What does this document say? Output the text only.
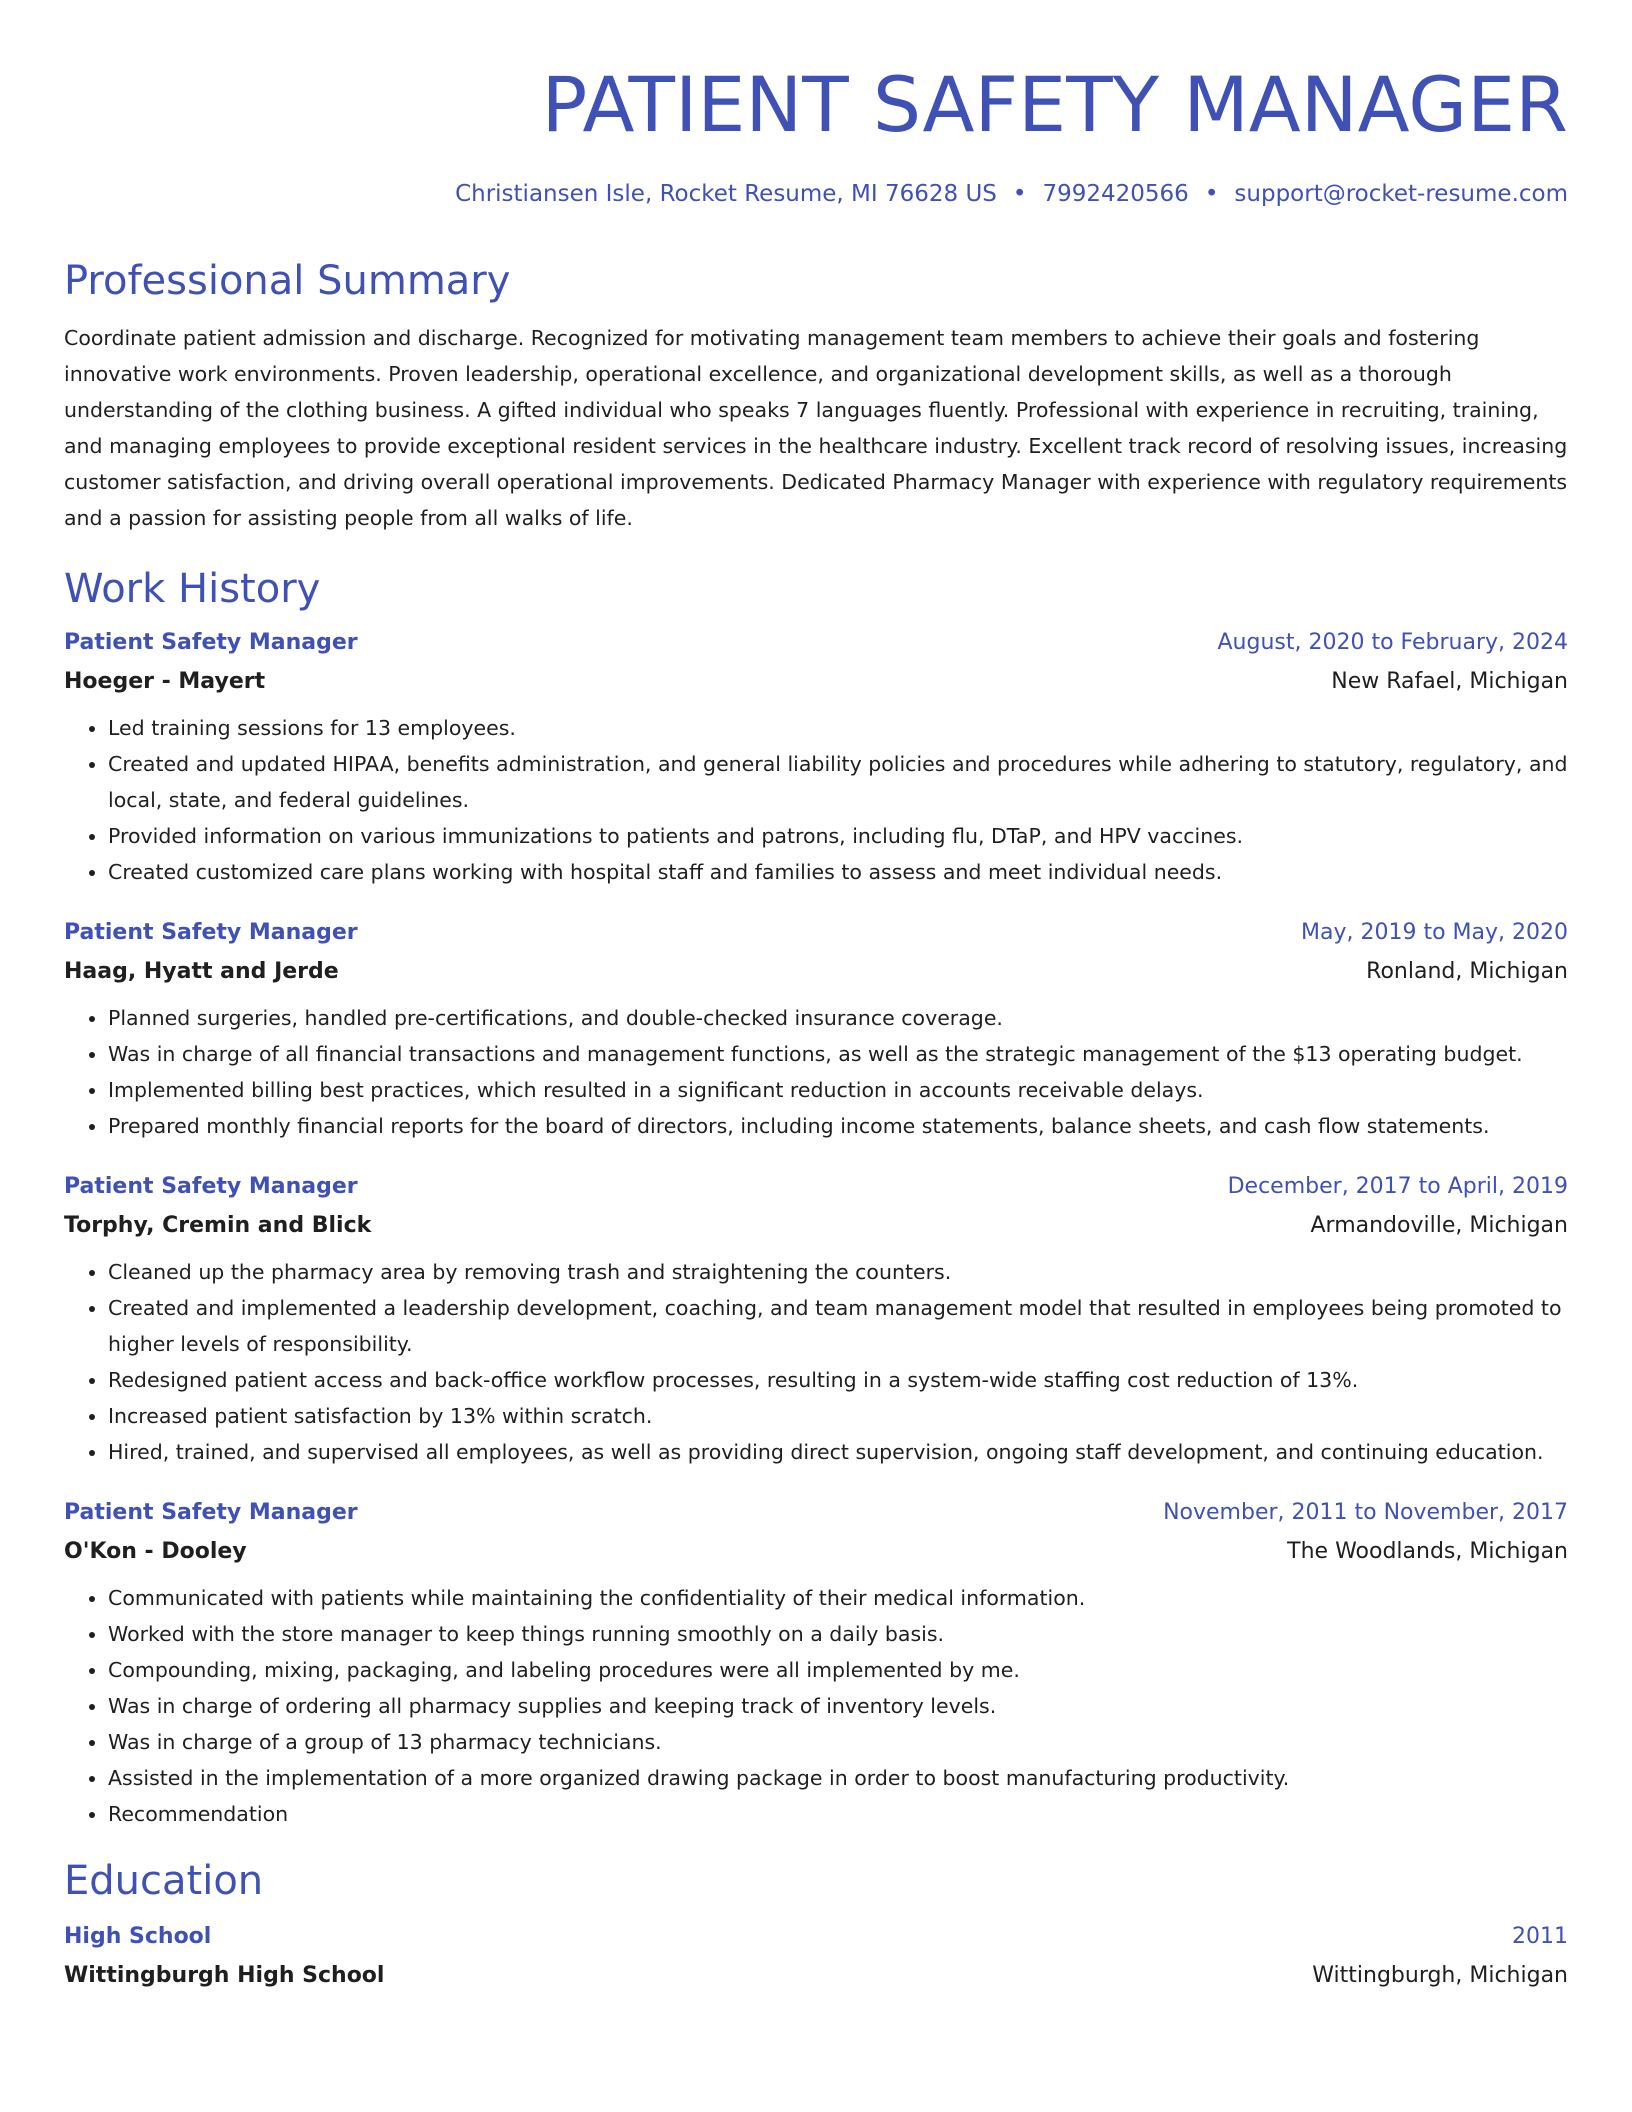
PATIENT SAFETY MANAGER
Christiansen Isle, Rocket Resume, MI 76628 US • 7992420566 • support@rocket-resume.com
Professional Summary
Coordinate patient admission and discharge. Recognized for motivating management team members to achieve their goals and fostering innovative work environments. Proven leadership, operational excellence, and organizational development skills, as well as a thorough understanding of the clothing business. A gifted individual who speaks 7 languages fluently. Professional with experience in recruiting, training, and managing employees to provide exceptional resident services in the healthcare industry. Excellent track record of resolving issues, increasing customer satisfaction, and driving overall operational improvements. Dedicated Pharmacy Manager with experience with regulatory requirements and a passion for assisting people from all walks of life.
Work History
Patient Safety Manager	August, 2020 to February, 2024
Hoeger - Mayert	New Rafael, Michigan
• Led training sessions for 13 employees.
• Created and updated HIPAA, benefits administration, and general liability policies and procedures while adhering to statutory, regulatory, and local, state, and federal guidelines.
• Provided information on various immunizations to patients and patrons, including flu, DTaP, and HPV vaccines.
• Created customized care plans working with hospital staff and families to assess and meet individual needs.
Patient Safety Manager	May, 2019 to May, 2020
Haag, Hyatt and Jerde	Ronland, Michigan
• Planned surgeries, handled pre-certifications, and double-checked insurance coverage.
• Was in charge of all financial transactions and management functions, as well as the strategic management of the $13 operating budget.
• Implemented billing best practices, which resulted in a significant reduction in accounts receivable delays.
• Prepared monthly financial reports for the board of directors, including income statements, balance sheets, and cash flow statements.
Patient Safety Manager	December, 2017 to April, 2019
Torphy, Cremin and Blick	Armandoville, Michigan
• Cleaned up the pharmacy area by removing trash and straightening the counters.
• Created and implemented a leadership development, coaching, and team management model that resulted in employees being promoted to higher levels of responsibility.
• Redesigned patient access and back-office workflow processes, resulting in a system-wide staffing cost reduction of 13%.
• Increased patient satisfaction by 13% within scratch.
• Hired, trained, and supervised all employees, as well as providing direct supervision, ongoing staff development, and continuing education.
Patient Safety Manager	November, 2011 to November, 2017
O'Kon - Dooley	The Woodlands, Michigan
• Communicated with patients while maintaining the confidentiality of their medical information.
• Worked with the store manager to keep things running smoothly on a daily basis.
• Compounding, mixing, packaging, and labeling procedures were all implemented by me.
• Was in charge of ordering all pharmacy supplies and keeping track of inventory levels.
• Was in charge of a group of 13 pharmacy technicians.
• Assisted in the implementation of a more organized drawing package in order to boost manufacturing productivity.
• Recommendation
Education
High School	2011
Wittingburgh High School	Wittingburgh, Michigan
